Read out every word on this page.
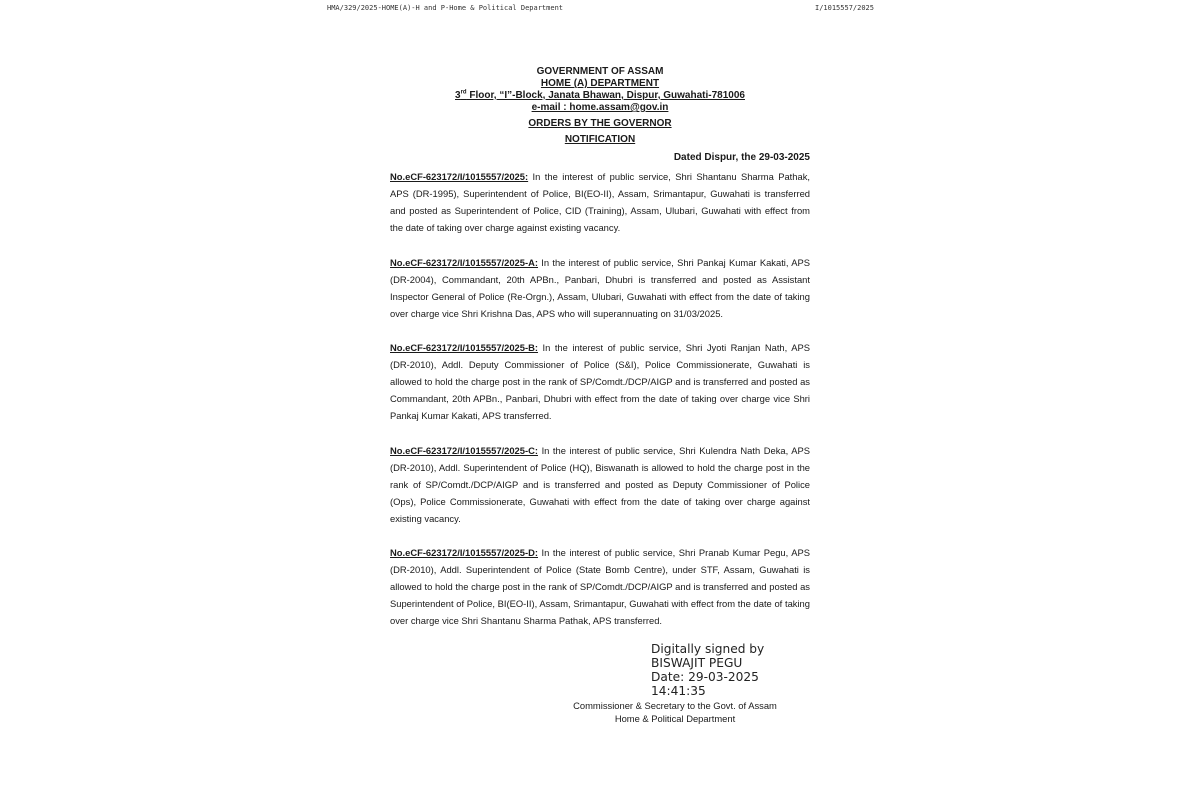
HMA/329/2025-HOME(A)-H and P-Home & Political Department	I/1015557/2025
GOVERNMENT OF ASSAM
HOME (A) DEPARTMENT
3rd Floor, “I”-Block, Janata Bhawan, Dispur, Guwahati-781006
e-mail : home.assam@gov.in
ORDERS BY THE GOVERNOR
NOTIFICATION
Dated Dispur, the 29-03-2025
No.eCF-623172/I/1015557/2025: In the interest of public service, Shri Shantanu Sharma Pathak, APS (DR-1995), Superintendent of Police, BI(EO-II), Assam, Srimantapur, Guwahati is transferred and posted as Superintendent of Police, CID (Training), Assam, Ulubari, Guwahati with effect from the date of taking over charge against existing vacancy.
No.eCF-623172/I/1015557/2025-A: In the interest of public service, Shri Pankaj Kumar Kakati, APS (DR-2004), Commandant, 20th APBn., Panbari, Dhubri is transferred and posted as Assistant Inspector General of Police (Re-Orgn.), Assam, Ulubari, Guwahati with effect from the date of taking over charge vice Shri Krishna Das, APS who will superannuating on 31/03/2025.
No.eCF-623172/I/1015557/2025-B: In the interest of public service, Shri Jyoti Ranjan Nath, APS (DR-2010), Addl. Deputy Commissioner of Police (S&I), Police Commissionerate, Guwahati is allowed to hold the charge post in the rank of SP/Comdt./DCP/AIGP and is transferred and posted as Commandant, 20th APBn., Panbari, Dhubri with effect from the date of taking over charge vice Shri Pankaj Kumar Kakati, APS transferred.
No.eCF-623172/I/1015557/2025-C: In the interest of public service, Shri Kulendra Nath Deka, APS (DR-2010), Addl. Superintendent of Police (HQ), Biswanath is allowed to hold the charge post in the rank of SP/Comdt./DCP/AIGP and is transferred and posted as Deputy Commissioner of Police (Ops), Police Commissionerate, Guwahati with effect from the date of taking over charge against existing vacancy.
No.eCF-623172/I/1015557/2025-D: In the interest of public service, Shri Pranab Kumar Pegu, APS (DR-2010), Addl. Superintendent of Police (State Bomb Centre), under STF, Assam, Guwahati is allowed to hold the charge post in the rank of SP/Comdt./DCP/AIGP and is transferred and posted as Superintendent of Police, BI(EO-II), Assam, Srimantapur, Guwahati with effect from the date of taking over charge vice Shri Shantanu Sharma Pathak, APS transferred.
Digitally signed by
BISWAJIT PEGU
Date: 29-03-2025
14:41:35
Commissioner & Secretary to the Govt. of Assam
Home & Political Department
